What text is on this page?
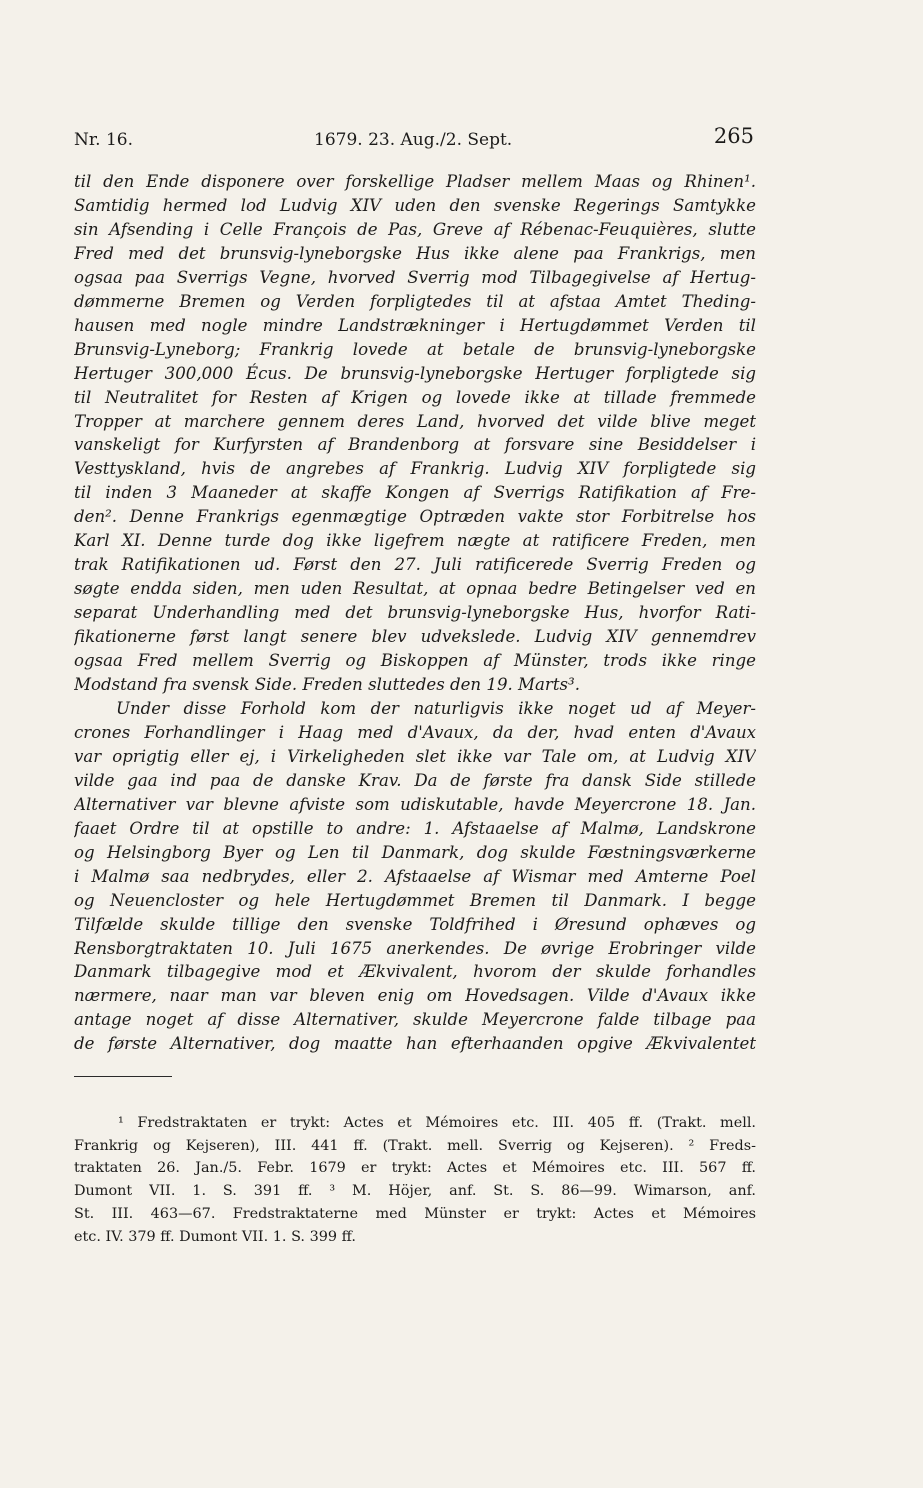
Nr. 16.	1679. 23. Aug./2. Sept.	265
til den Ende disponere over forskellige Pladser mellem Maas og Rhinen¹.
Samtidig hermed lod Ludvig XIV uden den svenske Regerings Samtykke
sin Afsending i Celle François de Pas, Greve af Rébenac-Feuquières, slutte
Fred med det brunsvig-lyneborgske Hus ikke alene paa Frankrigs, men
ogsaa paa Sverrigs Vegne, hvorved Sverrig mod Tilbagegivelse af Hertug-
dømmerne Bremen og Verden forpligtedes til at afstaa Amtet Theding-
hausen med nogle mindre Landstrækninger i Hertugdømmet Verden til
Brunsvig-Lyneborg; Frankrig lovede at betale de brunsvig-lyneborgske
Hertuger 300,000 Écus. De brunsvig-lyneborgske Hertuger forpligtede sig
til Neutralitet for Resten af Krigen og lovede ikke at tillade fremmede
Tropper at marchere gennem deres Land, hvorved det vilde blive meget
vanskeligt for Kurfyrsten af Brandenborg at forsvare sine Besiddelser i
Vesttyskland, hvis de angrebes af Frankrig. Ludvig XIV forpligtede sig
til inden 3 Maaneder at skaffe Kongen af Sverrigs Ratifikation af Fre-
den². Denne Frankrigs egenmægtige Optræden vakte stor Forbitrelse hos
Karl XI. Denne turde dog ikke ligefrem nægte at ratificere Freden, men
trak Ratifikationen ud. Først den 27. Juli ratificerede Sverrig Freden og
søgte endda siden, men uden Resultat, at opnaa bedre Betingelser ved en
separat Underhandling med det brunsvig-lyneborgske Hus, hvorfor Rati-
fikationerne først langt senere blev udvekslede. Ludvig XIV gennemdrev
ogsaa Fred mellem Sverrig og Biskoppen af Münster, trods ikke ringe
Modstand fra svensk Side. Freden sluttedes den 19. Marts³.
Under disse Forhold kom der naturligvis ikke noget ud af Meyer-
crones Forhandlinger i Haag med d'Avaux, da der, hvad enten d'Avaux
var oprigtig eller ej, i Virkeligheden slet ikke var Tale om, at Ludvig XIV
vilde gaa ind paa de danske Krav. Da de første fra dansk Side stillede
Alternativer var blevne afviste som udiskutable, havde Meyercrone 18. Jan.
faaet Ordre til at opstille to andre: 1. Afstaaelse af Malmø, Landskrone
og Helsingborg Byer og Len til Danmark, dog skulde Fæstningsværkerne
i Malmø saa nedbrydes, eller 2. Afstaaelse af Wismar med Amterne Poel
og Neuencloster og hele Hertugdømmet Bremen til Danmark. I begge
Tilfælde skulde tillige den svenske Toldfrihed i Øresund ophæves og
Rensborgtraktaten 10. Juli 1675 anerkendes. De øvrige Erobringer vilde
Danmark tilbagegive mod et Ækvivalent, hvorom der skulde forhandles
nærmere, naar man var bleven enig om Hovedsagen. Vilde d'Avaux ikke
antage noget af disse Alternativer, skulde Meyercrone falde tilbage paa
de første Alternativer, dog maatte han efterhaanden opgive Ækvivalentet
¹ Fredstraktaten er trykt: Actes et Mémoires etc. III. 405 ff. (Trakt. mell.
Frankrig og Kejseren), III. 441 ff. (Trakt. mell. Sverrig og Kejseren). ² Freds-
traktaten 26. Jan./5. Febr. 1679 er trykt: Actes et Mémoires etc. III. 567 ff.
Dumont VII. 1. S. 391 ff. ³ M. Höjer, anf. St. S. 86—99. Wimarson, anf.
St. III. 463—67. Fredstraktaterne med Münster er trykt: Actes et Mémoires
etc. IV. 379 ff. Dumont VII. 1. S. 399 ff.
